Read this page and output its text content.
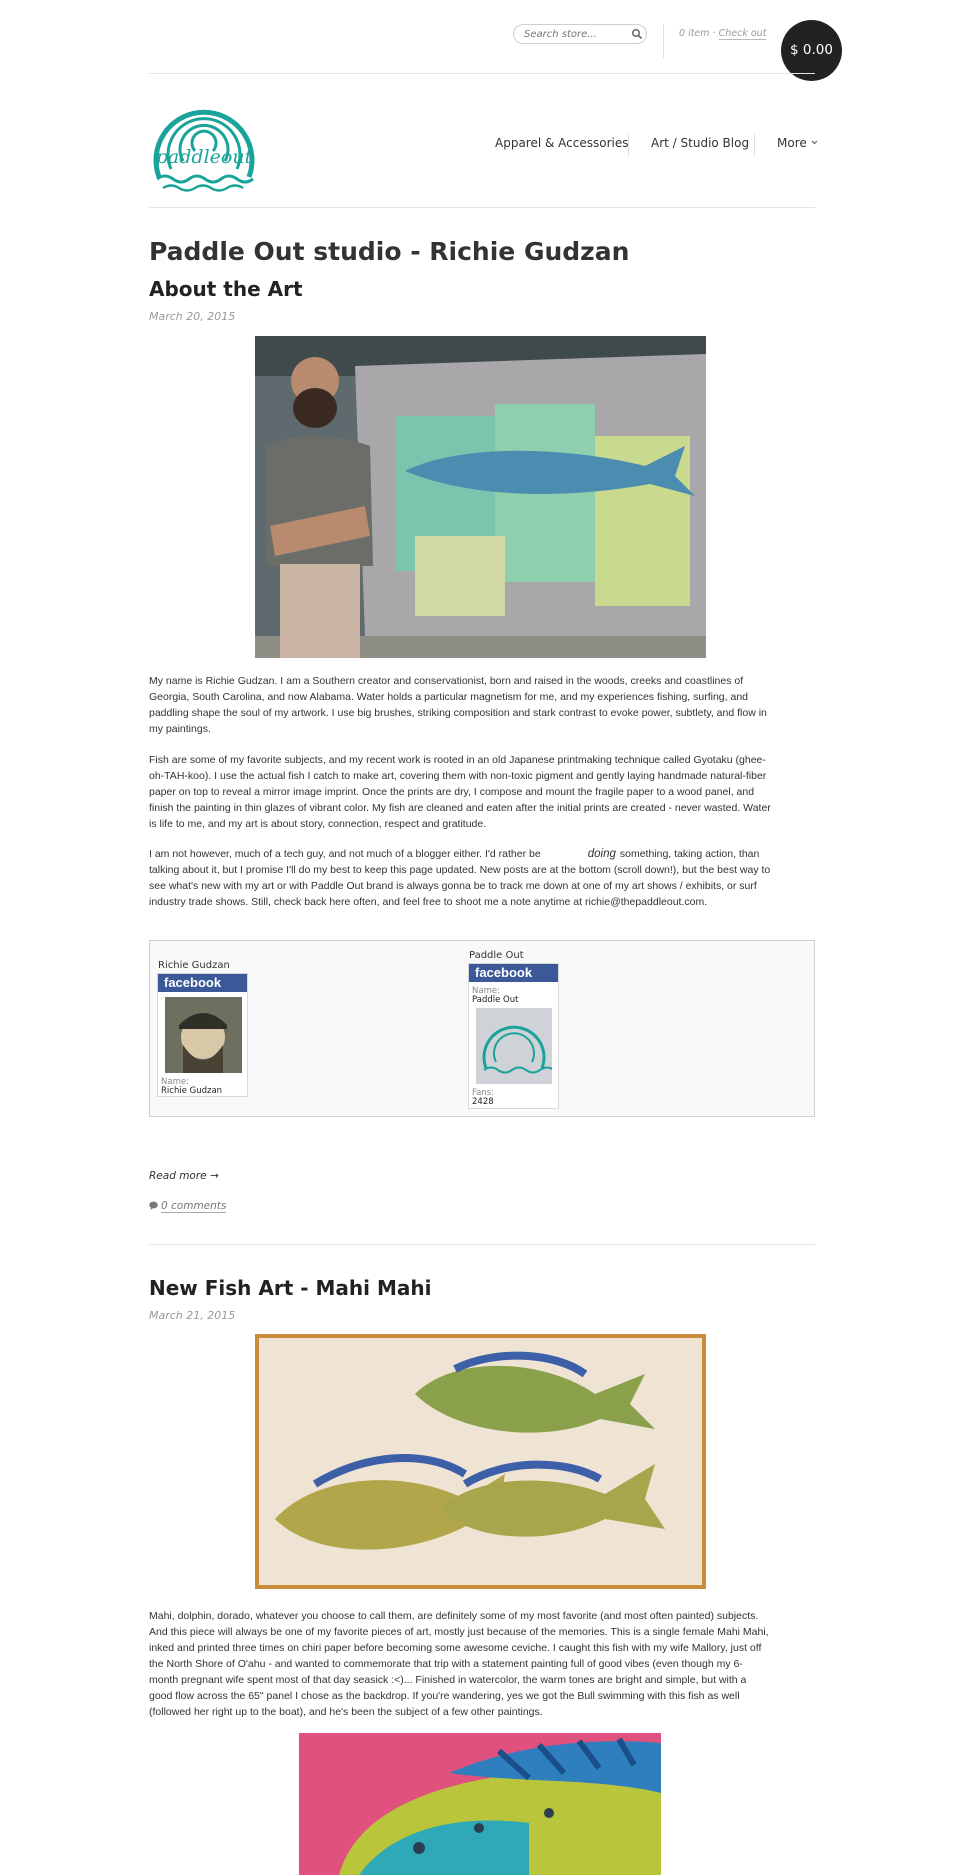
Search store...
0 item · Check out
$ 0.00
paddleout
Apparel & Accessories Art / Studio Blog More
Paddle Out studio - Richie Gudzan
About the Art
March 20, 2015

My name is Richie Gudzan. I am a Southern creator and conservationist, born and raised in the woods, creeks and coastlines of Georgia, South Carolina, and now Alabama. Water holds a particular magnetism for me, and my experiences fishing, surfing, and paddling shape the soul of my artwork. I use big brushes, striking composition and stark contrast to evoke power, subtlety, and flow in my paintings.

Fish are some of my favorite subjects, and my recent work is rooted in an old Japanese printmaking technique called Gyotaku (ghee-oh-TAH-koo). I use the actual fish I catch to make art, covering them with non-toxic pigment and gently laying handmade natural-fiber paper on top to reveal a mirror image imprint. Once the prints are dry, I compose and mount the fragile paper to a wood panel, and finish the painting in thin glazes of vibrant color. My fish are cleaned and eaten after the initial prints are created - never wasted. Water is life to me, and my art is about story, connection, respect and gratitude.

I am not however, much of a tech guy, and not much of a blogger either. I'd rather be	doing something, taking action, than talking about it, but I promise I'll do my best to keep this page updated. New posts are at the bottom (scroll down!), but the best way to see what's new with my art or with Paddle Out brand is always gonna be to track me down at one of my art shows / exhibits, or surf industry trade shows. Still, check back here often, and feel free to shoot me a note anytime at richie@thepaddleout.com.

Richie Gudzan
facebook
Name:
Richie Gudzan
Paddle Out
facebook
Name:
Paddle Out
Fans:
2428
Read more →
0 comments
New Fish Art - Mahi Mahi
March 21, 2015

Mahi, dolphin, dorado, whatever you choose to call them, are definitely some of my most favorite (and most often painted) subjects. And this piece will always be one of my favorite pieces of art, mostly just because of the memories. This is a single female Mahi Mahi, inked and printed three times on chiri paper before becoming some awesome ceviche. I caught this fish with my wife Mallory, just off the North Shore of O'ahu - and wanted to commemorate that trip with a statement painting full of good vibes (even though my 6-month pregnant wife spent most of that day seasick :<)... Finished in watercolor, the warm tones are bright and simple, but with a good flow across the 65" panel I chose as the backdrop. If you're wandering, yes we got the Bull swimming with this fish as well (followed her right up to the boat), and he's been the subject of a few other paintings.
